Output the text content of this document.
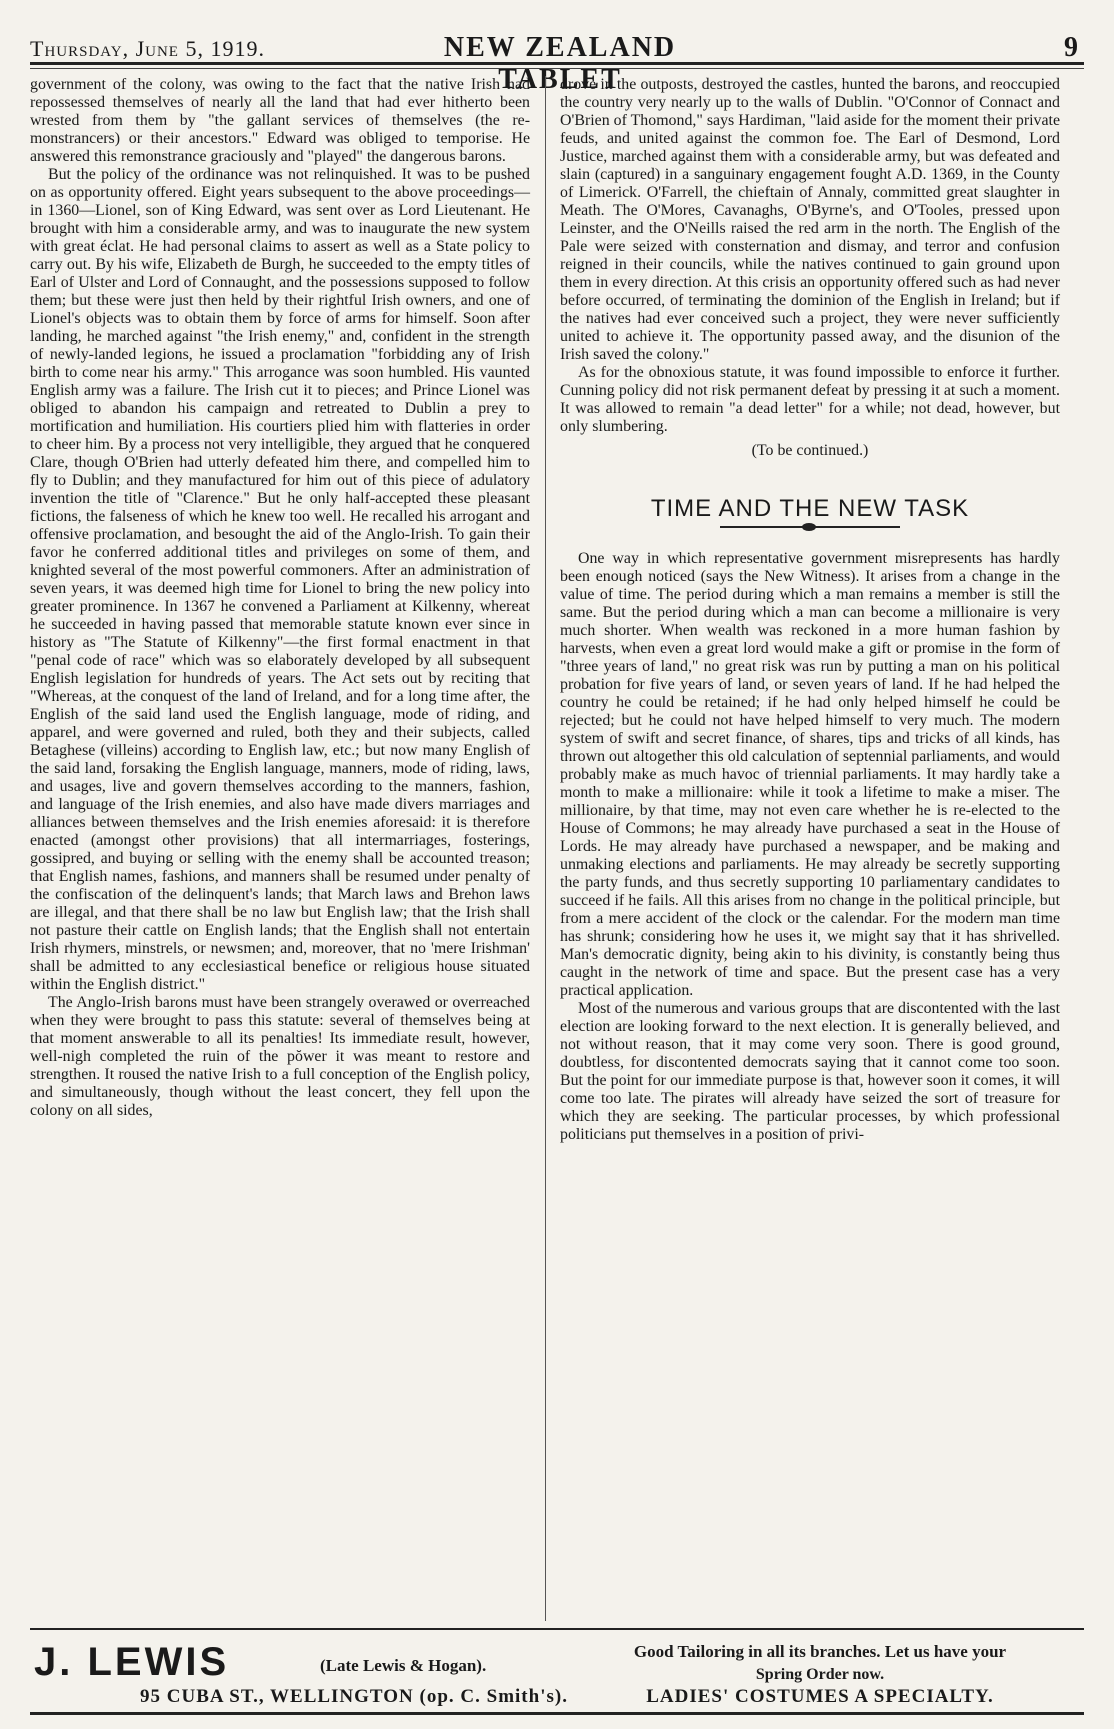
Thursday, June 5, 1919.	NEW ZEALAND TABLET
9

government of the colony, was owing to the fact that the native Irish had repossessed themselves of nearly all the land that had ever hitherto been wrested from them by "the gallant services of themselves (the re-monstrancers) or their ancestors." Edward was obliged to temporise. He answered this remonstrance graciously and "played" the dangerous barons.

But the policy of the ordinance was not relinquished. It was to be pushed on as opportunity offered. Eight years subsequent to the above proceedings—in 1360—Lionel, son of King Edward, was sent over as Lord Lieutenant. He brought with him a considerable army, and was to inaugurate the new system with great éclat. He had personal claims to assert as well as a State policy to carry out. By his wife, Elizabeth de Burgh, he succeeded to the empty titles of Earl of Ulster and Lord of Connaught, and the possessions supposed to follow them; but these were just then held by their rightful Irish owners, and one of Lionel's objects was to obtain them by force of arms for himself. Soon after landing, he marched against "the Irish enemy," and, confident in the strength of newly-landed legions, he issued a proclamation "forbidding any of Irish birth to come near his army." This arrogance was soon humbled. His vaunted English army was a failure. The Irish cut it to pieces; and Prince Lionel was obliged to abandon his campaign and retreated to Dublin a prey to mortification and humiliation. His courtiers plied him with flatteries in order to cheer him. By a process not very intelligible, they argued that he conquered Clare, though O'Brien had utterly defeated him there, and compelled him to fly to Dublin; and they manufactured for him out of this piece of adulatory invention the title of "Clarence." But he only half-accepted these pleasant fictions, the falseness of which he knew too well. He recalled his arrogant and offensive proclamation, and besought the aid of the Anglo-Irish. To gain their favor he conferred additional titles and privileges on some of them, and knighted several of the most powerful commoners. After an administration of seven years, it was deemed high time for Lionel to bring the new policy into greater prominence. In 1367 he convened a Parliament at Kilkenny, whereat he succeeded in having passed that memorable statute known ever since in history as "The Statute of Kilkenny"—the first formal enactment in that "penal code of race" which was so elaborately developed by all subsequent English legislation for hundreds of years. The Act sets out by reciting that "Whereas, at the conquest of the land of Ireland, and for a long time after, the English of the said land used the English language, mode of riding, and apparel, and were governed and ruled, both they and their subjects, called Betaghese (villeins) according to English law, etc.; but now many English of the said land, forsaking the English language, manners, mode of riding, laws, and usages, live and govern themselves according to the manners, fashion, and language of the Irish enemies, and also have made divers marriages and alliances between themselves and the Irish enemies aforesaid: it is therefore enacted (amongst other provisions) that all intermarriages, fosterings, gossipred, and buying or selling with the enemy shall be accounted treason; that English names, fashions, and manners shall be resumed under penalty of the confiscation of the delinquent's lands; that March laws and Brehon laws are illegal, and that there shall be no law but English law; that the Irish shall not pasture their cattle on English lands; that the English shall not entertain Irish rhymers, minstrels, or newsmen; and, moreover, that no 'mere Irishman' shall be admitted to any ecclesiastical benefice or religious house situated within the English district."

The Anglo-Irish barons must have been strangely overawed or overreached when they were brought to pass this statute: several of themselves being at that moment answerable to all its penalties! Its immediate result, however, well-nigh completed the ruin of the pŏwer it was meant to restore and strengthen. It roused the native Irish to a full conception of the English policy, and simultaneously, though without the least concert, they fell upon the colony on all sides,

drove in the outposts, destroyed the castles, hunted the barons, and reoccupied the country very nearly up to the walls of Dublin. "O'Connor of Connact and O'Brien of Thomond," says Hardiman, "laid aside for the moment their private feuds, and united against the common foe. The Earl of Desmond, Lord Justice, marched against them with a considerable army, but was defeated and slain (captured) in a sanguinary engagement fought A.D. 1369, in the County of Limerick. O'Farrell, the chieftain of Annaly, committed great slaughter in Meath. The O'Mores, Cavanaghs, O'Byrne's, and O'Tooles, pressed upon Leinster, and the O'Neills raised the red arm in the north. The English of the Pale were seized with consternation and dismay, and terror and confusion reigned in their councils, while the natives continued to gain ground upon them in every direction. At this crisis an opportunity offered such as had never before occurred, of terminating the dominion of the English in Ireland; but if the natives had ever conceived such a project, they were never sufficiently united to achieve it. The opportunity passed away, and the disunion of the Irish saved the colony."

As for the obnoxious statute, it was found impossible to enforce it further. Cunning policy did not risk permanent defeat by pressing it at such a moment. It was allowed to remain "a dead letter" for a while; not dead, however, but only slumbering.

(To be continued.)

TIME AND THE NEW TASK

One way in which representative government misrepresents has hardly been enough noticed (says the New Witness). It arises from a change in the value of time. The period during which a man remains a member is still the same. But the period during which a man can become a millionaire is very much shorter. When wealth was reckoned in a more human fashion by harvests, when even a great lord would make a gift or promise in the form of "three years of land," no great risk was run by putting a man on his political probation for five years of land, or seven years of land. If he had helped the country he could be retained; if he had only helped himself he could be rejected; but he could not have helped himself to very much. The modern system of swift and secret finance, of shares, tips and tricks of all kinds, has thrown out altogether this old calculation of septennial parliaments, and would probably make as much havoc of triennial parliaments. It may hardly take a month to make a millionaire: while it took a lifetime to make a miser. The millionaire, by that time, may not even care whether he is re-elected to the House of Commons; he may already have purchased a seat in the House of Lords. He may already have purchased a newspaper, and be making and unmaking elections and parliaments. He may already be secretly supporting the party funds, and thus secretly supporting 10 parliamentary candidates to succeed if he fails. All this arises from no change in the political principle, but from a mere accident of the clock or the calendar. For the modern man time has shrunk; considering how he uses it, we might say that it has shrivelled. Man's democratic dignity, being akin to his divinity, is constantly being thus caught in the network of time and space. But the present case has a very practical application.

Most of the numerous and various groups that are discontented with the last election are looking forward to the next election. It is generally believed, and not without reason, that it may come very soon. There is good ground, doubtless, for discontented democrats saying that it cannot come too soon. But the point for our immediate purpose is that, however soon it comes, it will come too late. The pirates will already have seized the sort of treasure for which they are seeking. The particular processes, by which professional politicians put themselves in a position of privi-

J. LEWIS	(Late Lewis & Hogan).
95 CUBA ST., WELLINGTON (op. C. Smith's).
Good Tailoring in all its branches. Let us have your
Spring Order now.
LADIES' COSTUMES A SPECIALTY.
